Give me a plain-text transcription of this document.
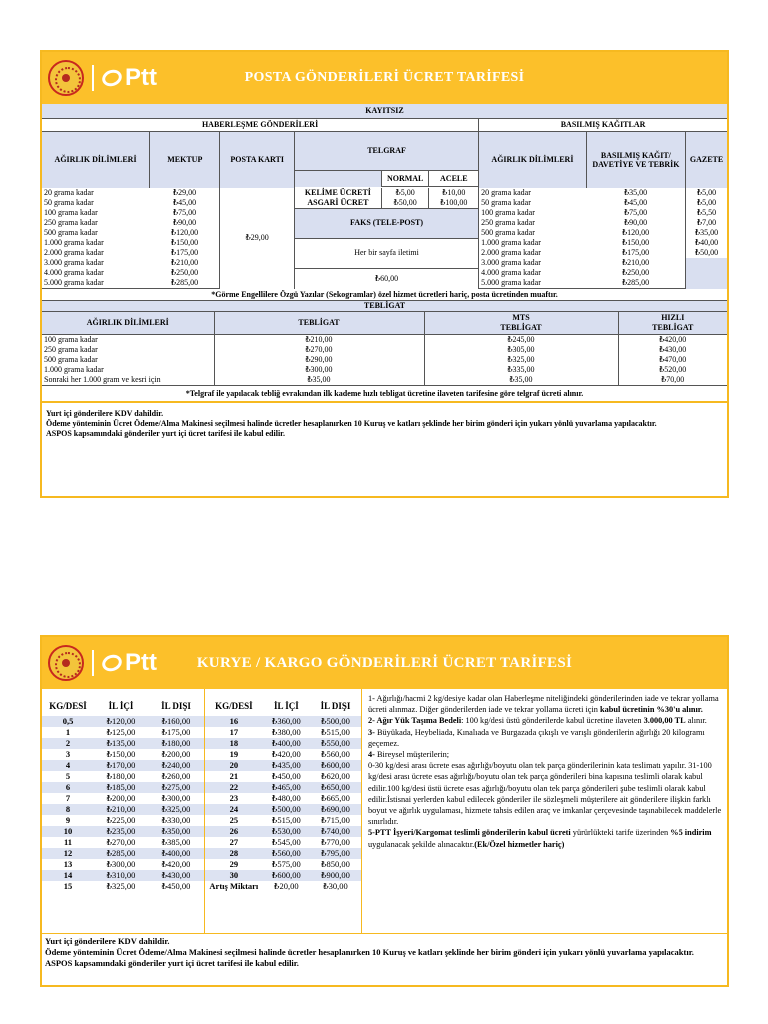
Ptt	POSTA GÖNDERİLERİ ÜCRET TARİFESİ
KAYITSIZ								
HABERLEŞME GÖNDERİLERİ						BASILMIŞ KAĞITLAR		
AĞIRLIK DİLİMLERİ	MEKTUP	POSTA KARTI	TELGRAF			AĞIRLIK DİLİMLERİ	BASILMIŞ KAĞIT/ DAVETİYE VE TEBRİK	GAZETE
				NORMAL	ACELE			

20 grama kadar	₺29,00	₺29,00	KELİME ÜCRETİ	₺5,00	₺10,00	20 grama kadar	₺35,00	₺5,00
50 grama kadar	₺45,00		ASGARİ ÜCRET	₺50,00	₺100,00	50 grama kadar	₺45,00	₺5,00
100 grama kadar	₺75,00		FAKS (TELE-POST)			100 grama kadar	₺75,00	₺5,50
250 grama kadar	₺90,00					250 grama kadar	₺90,00	₺7,00
500 grama kadar	₺120,00					500 grama kadar	₺120,00	₺35,00
1.000 grama kadar	₺150,00		Her bir sayfa iletimi			1.000 grama kadar	₺150,00	₺40,00
2.000 grama kadar	₺175,00					2.000 grama kadar	₺175,00	₺50,00
3.000 grama kadar	₺210,00					3.000 grama kadar	₺210,00	
4.000 grama kadar	₺250,00		₺60,00			4.000 grama kadar	₺250,00	
5.000 grama kadar	₺285,00					5.000 grama kadar	₺285,00	
*Görme Engellilere Özgü Yazılar (Sekogramlar) özel hizmet ücretleri hariç, posta ücretinden muaftır.
TEBLİGAT			
AĞIRLIK DİLİMLERİ	TEBLİGAT	MTS
TEBLİGAT	HIZLI
TEBLİGAT
100 grama kadar	₺210,00	₺245,00	₺420,00
250 grama kadar	₺270,00	₺305,00	₺430,00
500 grama kadar	₺290,00	₺325,00	₺470,00
1.000 grama kadar	₺300,00	₺335,00	₺520,00
Sonraki her 1.000 gram ve kesri için	₺35,00	₺35,00	₺70,00
*Telgraf ile yapılacak tebliğ evrakından ilk kademe hızlı tebligat ücretine ilaveten tarifesine göre telgraf ücreti alınır.
Yurt içi gönderilere KDV dahildir.
Ödeme yönteminin Ücret Ödeme/Alma Makinesi seçilmesi halinde ücretler hesaplanırken 10 Kuruş ve katları şeklinde her birim gönderi için yukarı yönlü yuvarlama yapılacaktır.
ASPOS kapsamındaki gönderiler yurt içi ücret tarifesi ile kabul edilir.
Ptt	KURYE / KARGO GÖNDERİLERİ ÜCRET TARİFESİ
KG/DESİ	İL İÇİ	İL DIŞI
0,5	₺120,00	₺160,00
1	₺125,00	₺175,00
2	₺135,00	₺180,00
3	₺150,00	₺200,00
4	₺170,00	₺240,00
5	₺180,00	₺260,00
6	₺185,00	₺275,00
7	₺200,00	₺300,00
8	₺210,00	₺325,00
9	₺225,00	₺330,00
10	₺235,00	₺350,00
11	₺270,00	₺385,00
12	₺285,00	₺400,00
13	₺300,00	₺420,00
14	₺310,00	₺430,00
15	₺325,00	₺450,00
KG/DESİ	İL İÇİ	İL DIŞI
16	₺360,00	₺500,00
17	₺380,00	₺515,00
18	₺400,00	₺550,00
19	₺420,00	₺560,00
20	₺435,00	₺600,00
21	₺450,00	₺620,00
22	₺465,00	₺650,00
23	₺480,00	₺665,00
24	₺500,00	₺690,00
25	₺515,00	₺715,00
26	₺530,00	₺740,00
27	₺545,00	₺770,00
28	₺560,00	₺795,00
29	₺575,00	₺850,00
30	₺600,00	₺900,00
Artış Miktarı	₺20,00	₺30,00
1- Ağırlığı/hacmi 2 kg/desiye kadar olan Haberleşme niteliğindeki gönderilerinden iade ve tekrar yollama ücreti alınmaz. Diğer gönderilerden iade ve tekrar yollama ücreti için kabul ücretinin %30'u alınır.
2- Ağır Yük Taşıma Bedeli: 100 kg/desi üstü gönderilerde kabul ücretine ilaveten 3.000,00 TL alınır.
3- Büyükada, Heybeliada, Kınalıada ve Burgazada çıkışlı ve varışlı gönderilerin ağırlığı 20 kilogramı geçemez.
4- Bireysel müşterilerin;
0-30 kg/desi arası ücrete esas ağırlığı/boyutu olan tek parça gönderilerinin kata teslimatı yapılır. 31-100 kg/desi arası ücrete esas ağırlığı/boyutu olan tek parça gönderileri bina kapısına teslimli olarak kabul edilir.100 kg/desi üstü ücrete esas ağırlığı/boyutu olan tek parça gönderileri şube teslimli olarak kabul edilir.İstisnai yerlerden kabul edilecek gönderiler ile sözleşmeli müşterilere ait gönderilere ilişkin farklı boyut ve ağırlık uygulaması, hizmete tahsis edilen araç ve imkanlar çerçevesinde taşınabilecek maddelerle sınırlıdır.
5-PTT İşyeri/Kargomat teslimli gönderilerin kabul ücreti yürürlükteki tarife üzerinden %5 indirim uygulanacak şekilde alınacaktır.(Ek/Özel hizmetler hariç)
Yurt içi gönderilere KDV dahildir.
Ödeme yönteminin Ücret Ödeme/Alma Makinesi seçilmesi halinde ücretler hesaplanırken 10 Kuruş ve katları şeklinde her birim gönderi için yukarı yönlü yuvarlama yapılacaktır.
ASPOS kapsamındaki gönderiler yurt içi ücret tarifesi ile kabul edilir.
